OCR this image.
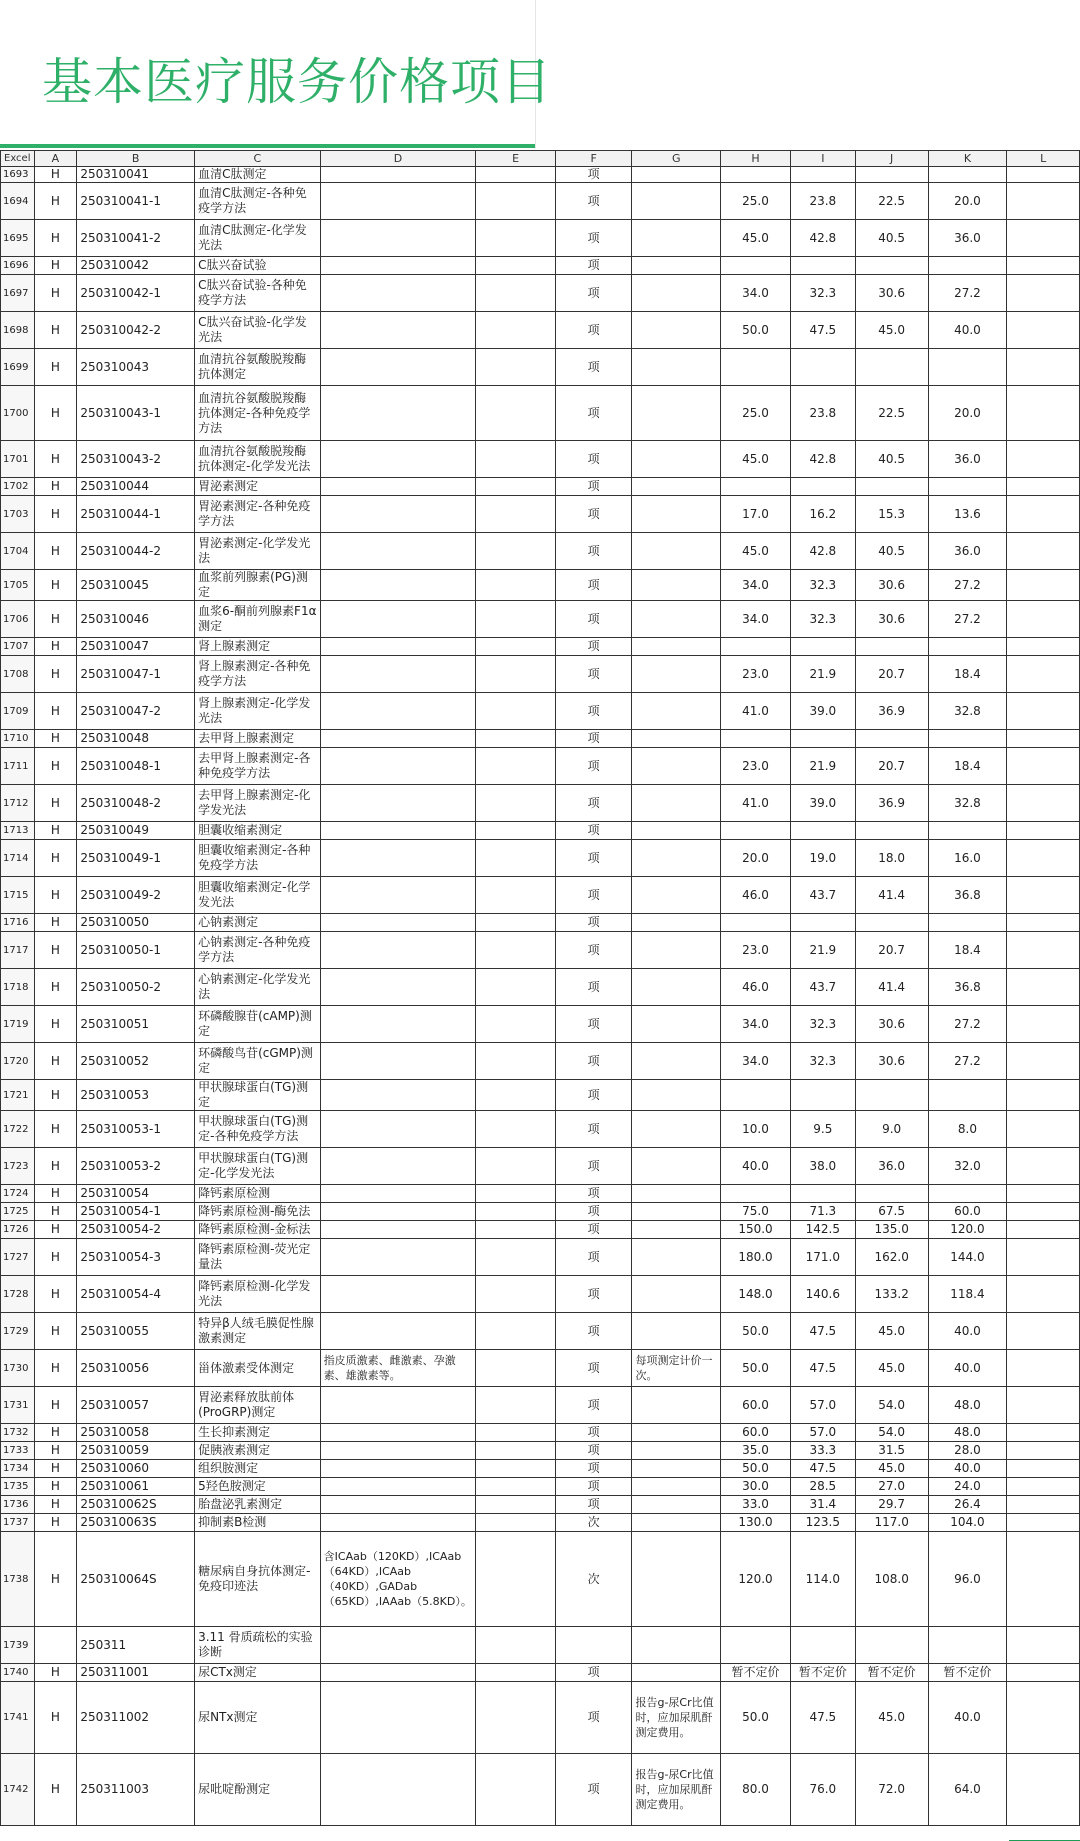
基本医疗服务价格项目
Excel	A	B	C	D	E	F	G	H	I	J	K	L
1693	H	250310041	血清C肽测定			项						
1694	H	250310041-1	血清C肽测定-各种免疫学方法			项		25.0	23.8	22.5	20.0	
1695	H	250310041-2	血清C肽测定-化学发光法			项		45.0	42.8	40.5	36.0	
1696	H	250310042	C肽兴奋试验			项						
1697	H	250310042-1	C肽兴奋试验-各种免疫学方法			项		34.0	32.3	30.6	27.2	
1698	H	250310042-2	C肽兴奋试验-化学发光法			项		50.0	47.5	45.0	40.0	
1699	H	250310043	血清抗谷氨酸脱羧酶抗体测定			项						
1700	H	250310043-1	血清抗谷氨酸脱羧酶抗体测定-各种免疫学方法			项		25.0	23.8	22.5	20.0	
1701	H	250310043-2	血清抗谷氨酸脱羧酶抗体测定-化学发光法			项		45.0	42.8	40.5	36.0	
1702	H	250310044	胃泌素测定			项						
1703	H	250310044-1	胃泌素测定-各种免疫学方法			项		17.0	16.2	15.3	13.6	
1704	H	250310044-2	胃泌素测定-化学发光法			项		45.0	42.8	40.5	36.0	
1705	H	250310045	血浆前列腺素(PG)测定			项		34.0	32.3	30.6	27.2	
1706	H	250310046	血浆6-酮前列腺素F1α测定			项		34.0	32.3	30.6	27.2	
1707	H	250310047	肾上腺素测定			项						
1708	H	250310047-1	肾上腺素测定-各种免疫学方法			项		23.0	21.9	20.7	18.4	
1709	H	250310047-2	肾上腺素测定-化学发光法			项		41.0	39.0	36.9	32.8	
1710	H	250310048	去甲肾上腺素测定			项						
1711	H	250310048-1	去甲肾上腺素测定-各种免疫学方法			项		23.0	21.9	20.7	18.4	
1712	H	250310048-2	去甲肾上腺素测定-化学发光法			项		41.0	39.0	36.9	32.8	
1713	H	250310049	胆囊收缩素测定			项						
1714	H	250310049-1	胆囊收缩素测定-各种免疫学方法			项		20.0	19.0	18.0	16.0	
1715	H	250310049-2	胆囊收缩素测定-化学发光法			项		46.0	43.7	41.4	36.8	
1716	H	250310050	心钠素测定			项						
1717	H	250310050-1	心钠素测定-各种免疫学方法			项		23.0	21.9	20.7	18.4	
1718	H	250310050-2	心钠素测定-化学发光法			项		46.0	43.7	41.4	36.8	
1719	H	250310051	环磷酸腺苷(cAMP)测定			项		34.0	32.3	30.6	27.2	
1720	H	250310052	环磷酸鸟苷(cGMP)测定			项		34.0	32.3	30.6	27.2	
1721	H	250310053	甲状腺球蛋白(TG)测定			项						
1722	H	250310053-1	甲状腺球蛋白(TG)测定-各种免疫学方法			项		10.0	9.5	9.0	8.0	
1723	H	250310053-2	甲状腺球蛋白(TG)测定-化学发光法			项		40.0	38.0	36.0	32.0	
1724	H	250310054	降钙素原检测			项						
1725	H	250310054-1	降钙素原检测-酶免法			项		75.0	71.3	67.5	60.0	
1726	H	250310054-2	降钙素原检测-金标法			项		150.0	142.5	135.0	120.0	
1727	H	250310054-3	降钙素原检测-荧光定量法			项		180.0	171.0	162.0	144.0	
1728	H	250310054-4	降钙素原检测-化学发光法			项		148.0	140.6	133.2	118.4	
1729	H	250310055	特异β人绒毛膜促性腺激素测定			项		50.0	47.5	45.0	40.0	
1730	H	250310056	甾体激素受体测定	指皮质激素、雌激素、孕激素、雄激素等。		项	每项测定计价一次。	50.0	47.5	45.0	40.0	
1731	H	250310057	胃泌素释放肽前体(ProGRP)测定			项		60.0	57.0	54.0	48.0	
1732	H	250310058	生长抑素测定			项		60.0	57.0	54.0	48.0	
1733	H	250310059	促胰液素测定			项		35.0	33.3	31.5	28.0	
1734	H	250310060	组织胺测定			项		50.0	47.5	45.0	40.0	
1735	H	250310061	5羟色胺测定			项		30.0	28.5	27.0	24.0	
1736	H	250310062S	胎盘泌乳素测定			项		33.0	31.4	29.7	26.4	
1737	H	250310063S	抑制素B检测			次		130.0	123.5	117.0	104.0	
1738	H	250310064S	糖尿病自身抗体测定-免疫印迹法	含ICAab（120KD）,ICAab（64KD）,ICAab（40KD）,GADab（65KD）,IAAab（5.8KD）。		次		120.0	114.0	108.0	96.0	
1739		250311	3.11 骨质疏松的实验诊断									
1740	H	250311001	尿CTx测定			项		暂不定价	暂不定价	暂不定价	暂不定价	
1741	H	250311002	尿NTx测定			项	报告g-尿Cr比值时，应加尿肌酐测定费用。	50.0	47.5	45.0	40.0	
1742	H	250311003	尿吡啶酚测定			项	报告g-尿Cr比值时，应加尿肌酐测定费用。	80.0	76.0	72.0	64.0	
